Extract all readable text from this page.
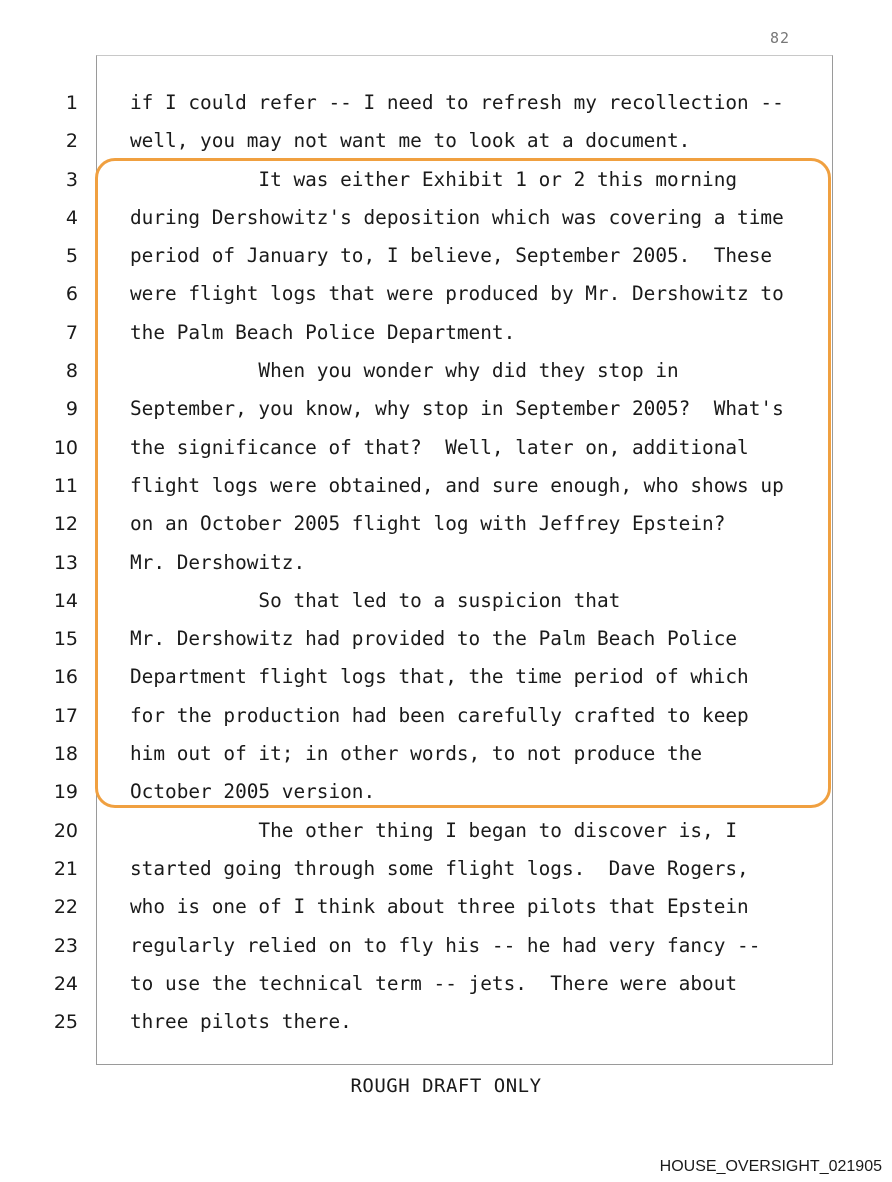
82
1
2
3
4
5
6
7
8
9
10
11
12
13
14
15
16
17
18
19
20
21
22
23
24
25
if I could refer -- I need to refresh my recollection --
well, you may not want me to look at a document.
It was either Exhibit 1 or 2 this morning
during Dershowitz's deposition which was covering a time
period of January to, I believe, September 2005.  These
were flight logs that were produced by Mr. Dershowitz to
the Palm Beach Police Department.
When you wonder why did they stop in
September, you know, why stop in September 2005?  What's
the significance of that?  Well, later on, additional
flight logs were obtained, and sure enough, who shows up
on an October 2005 flight log with Jeffrey Epstein?
Mr. Dershowitz.
So that led to a suspicion that
Mr. Dershowitz had provided to the Palm Beach Police
Department flight logs that, the time period of which
for the production had been carefully crafted to keep
him out of it; in other words, to not produce the
October 2005 version.
The other thing I began to discover is, I
started going through some flight logs.  Dave Rogers,
who is one of I think about three pilots that Epstein
regularly relied on to fly his -- he had very fancy --
to use the technical term -- jets.  There were about
three pilots there.
ROUGH DRAFT ONLY
HOUSE_OVERSIGHT_021905
